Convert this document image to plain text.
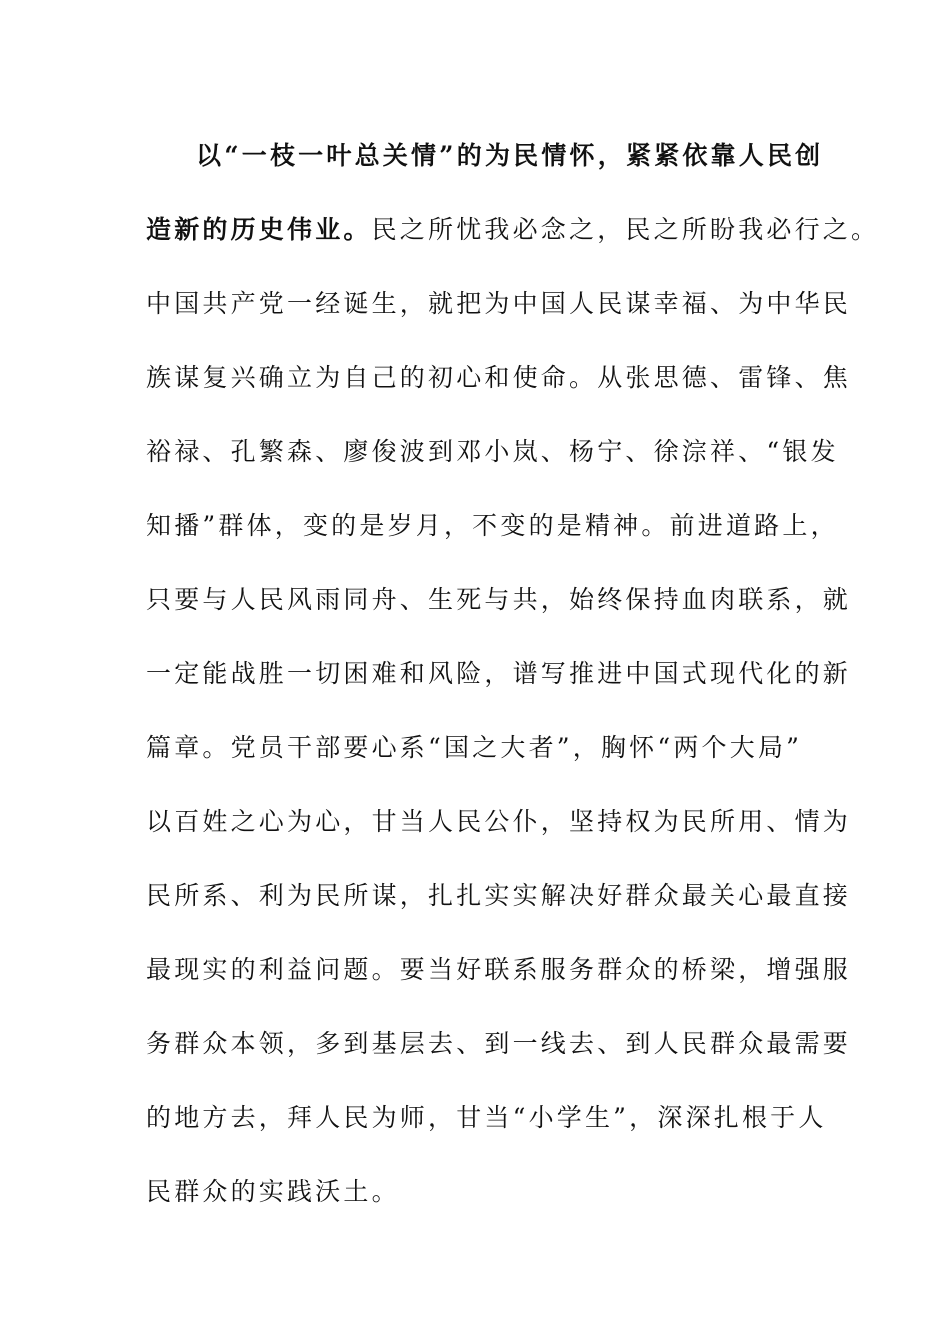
以“一枝一叶总关情”的为民情怀，紧紧依靠人民创
造新的历史伟业。民之所忧我必念之，民之所盼我必行之。
中国共产党一经诞生，就把为中国人民谋幸福、为中华民
族谋复兴确立为自己的初心和使命。从张思德、雷锋、焦
裕禄、孔繁森、廖俊波到邓小岚、杨宁、徐淙祥、“银发
知播”群体，变的是岁月，不变的是精神。前进道路上，
只要与人民风雨同舟、生死与共，始终保持血肉联系，就
一定能战胜一切困难和风险，谱写推进中国式现代化的新
篇章。党员干部要心系“国之大者”，胸怀“两个大局”
以百姓之心为心，甘当人民公仆，坚持权为民所用、情为
民所系、利为民所谋，扎扎实实解决好群众最关心最直接
最现实的利益问题。要当好联系服务群众的桥梁，增强服
务群众本领，多到基层去、到一线去、到人民群众最需要
的地方去，拜人民为师，甘当“小学生”，深深扎根于人
民群众的实践沃土。
